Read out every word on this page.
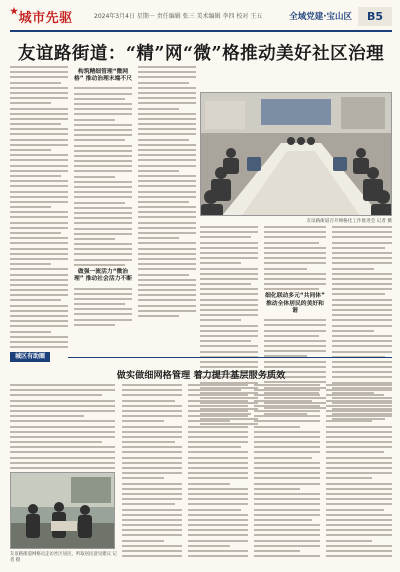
★城市先驱	2024年3月4日 星期一 责任编辑 张三 美术编辑 李四 校对 王五	全域党建·宝山区	B5
友谊路街道：“精”网“微”格推动美好社区治理
构筑精细管理“微网格” 推动治理末端不尺
做强一流活力“微治理” 推动社会活力不断
友谊路街道召开网格化工作推进会 记者 摄
细化联动多元“共同体” 推动全体居民的美好和谐
城区有助圈
做实做细网格管理 着力提升基层服务质效
友谊路街道网格员走访社区居民，听取居民意见建议 记者 摄
